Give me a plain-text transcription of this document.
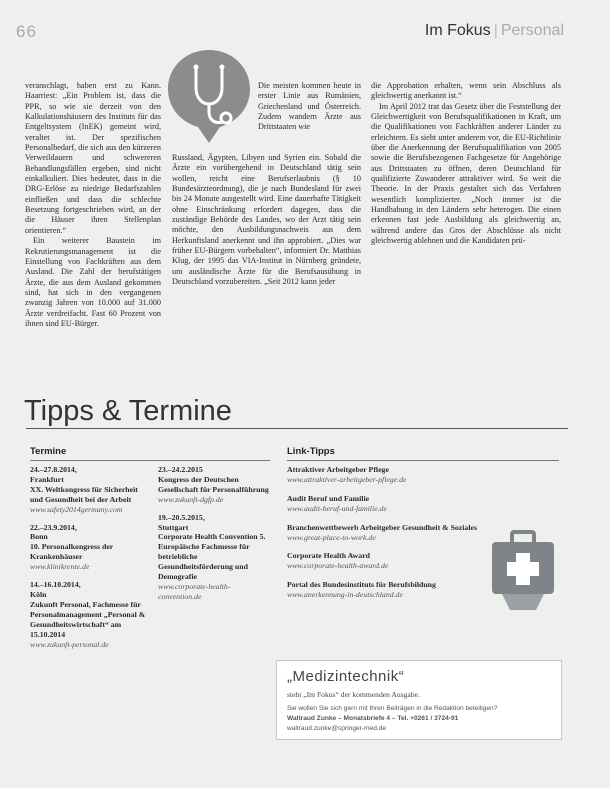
66	Im Fokus | Personal

veranschlagt, haben erst zu Kann. Haarriest: „Ein Problem ist, dass die PPR, so wie sie derzeit von den Kalkulationshäusern des Instituts für das Entgeltsystem (InEK) gemeint wird, veraltet ist. Der spezifischen Personalbedarf, die sich aus den kürzeren Verweildauern und schwereren Behandlungsfällen ergeben, sind nicht einkalkuliert. Dies bedeutet, dass in die DRG-Erlöse zu niedrige Bedarfszahlen einfließen und dass die schlechte Besetzung fortgeschrieben wird, an der die Häuser ihren Stellenplan orientieren.“

Ein weiterer Baustein im Rekrutierungsmanagement ist die Einstellung von Fachkräften aus dem Ausland. Die Zahl der berufstätigen Ärzte, die aus dem Ausland gekommen sind, hat sich in den vergangenen zwanzig Jahren von 10.000 auf 31.000 Ärzte verdreifacht. Fast 60 Prozent von ihnen sind EU-Bürger.

Die meisten kommen heute in erster Linie aus Rumänien, Griechenland und Österreich. Zudem wandern Ärzte aus Drittstaaten wie

Russland, Ägypten, Libyen und Syrien ein. Sobald die Ärzte ein vorübergehend in Deutschland tätig sein wollen, reicht eine Berufserlaubnis (§ 10 Bundesärzteordnung), die je nach Bundesland für zwei bis 24 Monate ausgestellt wird. Eine dauerhafte Tätigkeit ohne Einschränkung erfordert dagegen, dass die zuständige Behörde des Landes, wo der Arzt tätig sein möchte, den Ausbildungsnachweis aus dem Herkunftsland anerkennt und ihn approbiert. „Dies war früher EU-Bürgern vorbehalten“, informiert Dr. Matthias Klug, der 1995 das VIA-Institut in Nürnberg gründete, um ausländische Ärzte für die Berufsausübung in Deutschland vorzubereiten. „Seit 2012 kann jeder

die Approbation erhalten, wenn sein Abschluss als gleichwertig anerkannt ist.“

Im April 2012 trat das Gesetz über die Feststellung der Gleichwertigkeit von Berufsqualifikationen in Kraft, um die Qualifikationen von Fachkräften anderer Länder zu erleichtern. Es sieht unter anderem vor, die EU-Richtlinie über die Anerkennung der Berufsqualifikation von 2005 sowie die Berufsbezogenen Fachgesetze für Angehörige aus Drittstaaten zu öffnen, deren Deutschland für qualifizierte Zuwanderer attraktiver wird. So weit die Theorie. In der Praxis gestaltet sich das Verfahren wesentlich komplizierter. „Noch immer ist die Handhabung in den Ländern sehr heterogen. Die einen erkennen fast jede Ausbildung als gleichwertig an, während andere das Gros der Abschlüsse als nicht gleichwertig ablehnen und die Kandidaten prü-

Tipps & Termine
Termine
24.–27.8.2014,
Frankfurt
XX. Weltkongress für Sicherheit und Gesundheit bei der Arbeit
www.safety2014germany.com
22.–23.9.2014,
Bonn
10. Personalkongress der Krankenhäuser
www.klinikrente.de
14.–16.10.2014,
Köln
Zukunft Personal, Fachmesse für Personalmanagement „Personal & Gesundheitswirtschaft“ am 15.10.2014
www.zukunft-personal.de
23.–24.2.2015
Kongress der Deutschen Gesellschaft für Personalführung
www.zukunft-dgfp.de
19.–20.5.2015,
Stuttgart
Corporate Health Convention 5. Europäische Fachmesse für betriebliche Gesundheitsförderung und Demografie
www.corporate-health-convention.de
Link-Tipps
Attraktiver Arbeitgeber Pflege
www.attraktiver-arbeitgeber-pflege.de
Audit Beruf und Familie
www.audit-beruf-und-familie.de
Branchenwettbewerb Arbeitgeber Gesundheit & Soziales
www.great-place-to-work.de
Corporate Health Award
www.corporate-health-award.de
Portal des Bundesinstituts für Berufsbildung
www.anerkennung-in-deutschland.de
„Medizintechnik“
steht „Im Fokus“ der kommenden Ausgabe.
Sie wollen Sie sich gern mit Ihren Beiträgen in die Redaktion beteiligen?
Waltraud Zunke – Monatsbriefe 4 – Tel. +0261 / 3724-91
waltraud.zunke@springer-med.de
